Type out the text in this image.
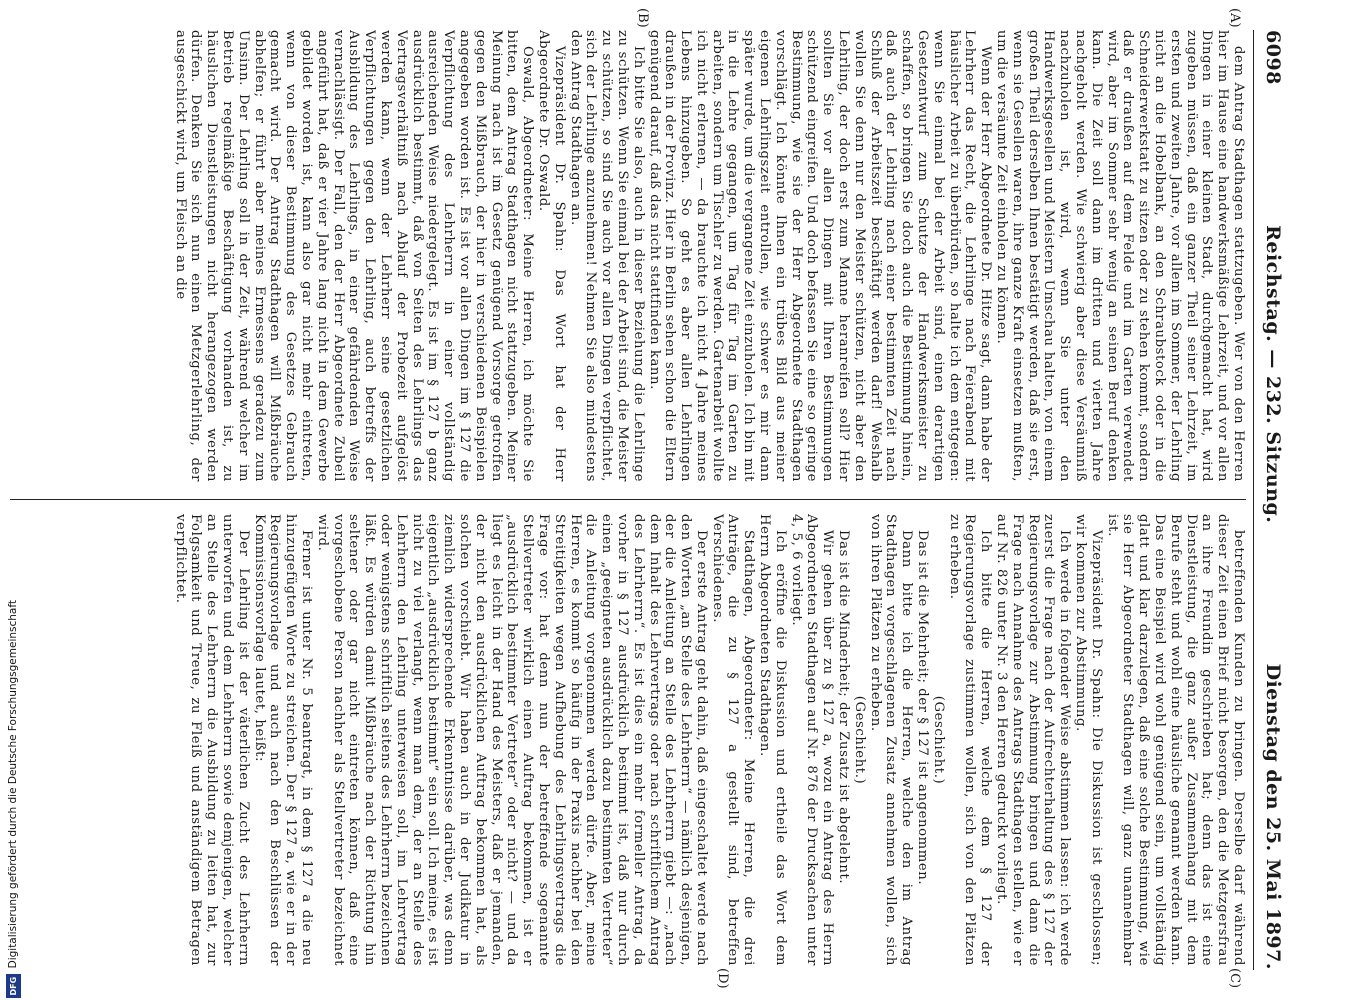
6098
Reichstag. — 232. Sitzung.
Dienstag den 25. Mai 1897.
(A)
(B)
(C)
(D)

dem Antrag Stadthagen stattzugeben. Wer von den Herren hier im Hause eine handwerksmäßige Lehrzeit, und vor allen Dingen in einer kleinen Stadt, durchgemacht hat, wird zugeben müssen, daß ein ganzer Theil seiner Lehrzeit, im ersten und zweiten Jahre, vor allem im Sommer, der Lehrling nicht an die Hobelbank, an den Schraubstock oder in die Schneiderwerkstatt zu sitzen oder zu stehen kommt, sondern daß er draußen auf dem Felde und im Garten verwendet wird, aber im Sommer sehr wenig an seinen Beruf denken kann. Die Zeit soll dann im dritten und vierten Jahre nachgeholt werden. Wie schwierig aber diese Versäumniß nachzuholen ist, wird, wenn Sie unter den Handwerksgesellen und Meistern Umschau halten, von einem großen Theil derselben Ihnen bestätigt werden, daß sie erst, wenn sie Gesellen waren, ihre ganze Kraft einsetzen mußten, um die versäumte Zeit einholen zu können.

Wenn der Herr Abgeordnete Dr. Hitze sagt, dann habe der Lehrherr das Recht, die Lehrlinge nach Feierabend mit häuslicher Arbeit zu überbürden, so halte ich dem entgegen: wenn Sie einmal bei der Arbeit sind, einen derartigen Gesetzentwurf zum Schutze der Handwerksmeister zu schaffen, so bringen Sie doch auch die Bestimmung hinein, daß auch der Lehrling nach einer bestimmten Zeit nach Schluß der Arbeitszeit beschäftigt werden darf! Weshalb wollen Sie denn nur den Meister schützen, nicht aber den Lehrling, der doch erst zum Manne heranreifen soll? Hier sollten Sie vor allen Dingen mit Ihren Bestimmungen schützend eingreifen. Und doch befassen Sie eine so geringe Bestimmung, wie sie der Herr Abgeordnete Stadthagen vorschlägt. Ich könnte Ihnen ein trübes Bild aus meiner eigenen Lehrlingszeit entrollen, wie schwer es mir dann später wurde, um die vergangene Zeit einzuholen. Ich bin mit in die Lehre gegangen, um Tag für Tag im Garten zu arbeiten, sondern um Tischler zu werden. Gartenarbeit wollte ich nicht erlernen, — da brauchte ich nicht 4 Jahre meines Lebens hinzugeben. So geht es aber allen Lehrlingen draußen in der Provinz. Hier in Berlin sehen schon die Eltern genügend darauf, daß das nicht stattfinden kann.

Ich bitte Sie also, auch in dieser Beziehung die Lehrlinge zu schützen. Wenn Sie einmal bei der Arbeit sind, die Meister zu schützen, so sind Sie auch vor allen Dingen verpflichtet, sich der Lehrlinge anzunehmen! Nehmen Sie also mindestens den Antrag Stadthagen an.

Vizepräsident Dr. Spahn: Das Wort hat der Herr Abgeordnete Dr. Oswald.

Oswald, Abgeordneter: Meine Herren, ich möchte Sie bitten, dem Antrag Stadthagen nicht stattzugeben. Meiner Meinung nach ist im Gesetz genügend Vorsorge getroffen gegen den Mißbrauch, der hier in verschiedenen Beispielen angegeben worden ist. Es ist vor allen Dingen im § 127 die Verpflichtung des Lehrherrn in einer vollständig ausreichenden Weise niedergelegt. Es ist im § 127 b ganz ausdrücklich bestimmt, daß von Seiten des Lehrlings das Vertragsverhältniß nach Ablauf der Probezeit aufgelöst werden kann, wenn der Lehrherr seine gesetzlichen Verpflichtungen gegen den Lehrling, auch betreffs der Ausbildung des Lehrlings, in einer gefährdenden Weise vernachlässigt. Der Fall, den der Herr Abgeordnete Zubeil angeführt hat, daß er vier Jahre lang nicht in dem Gewerbe gebildet worden ist, kann also gar nicht mehr eintreten, wenn von dieser Bestimmung des Gesetzes Gebrauch gemacht wird. Der Antrag Stadthagen will Mißbräuche abhelfen; er führt aber meines Ermessens geradezu zum Unsinn. Der Lehrling soll in der Zeit, während welcher im Betrieb regelmäßige Beschäftigung vorhanden ist, zu häuslichen Dienstleistungen nicht herangezogen werden dürfen. Denken Sie sich nun einen Metzgerlehrling, der ausgeschickt wird, um Fleisch an die

betreffenden Kunden zu bringen. Derselbe darf während dieser Zeit einen Brief nicht besorgen, den die Metzgersfrau an ihre Freundin geschrieben hat; denn das ist eine Dienstleistung, die ganz außer Zusammenhang mit dem Berufe steht und wohl eine häusliche genannt werden kann. Das eine Beispiel wird wohl genügend sein, um vollständig glatt und klar darzulegen, daß eine solche Bestimmung, wie sie Herr Abgeordneter Stadthagen will, ganz unannehmbar ist.

Vizepräsident Dr. Spahn: Die Diskussion ist geschlossen; wir kommen zur Abstimmung.

Ich werde in folgender Weise abstimmen lassen: ich werde zuerst die Frage nach der Aufrechterhaltung des § 127 der Regierungsvorlage zur Abstimmung bringen und dann die Frage nach Annahme des Antrags Stadthagen stellen, wie er auf Nr. 826 unter Nr. 3 den Herren gedruckt vorliegt.

Ich bitte die Herren, welche dem § 127 der Regierungsvorlage zustimmen wollen, sich von den Plätzen zu erheben.

(Geschieht.)

Das ist die Mehrheit; der § 127 ist angenommen.

Dann bitte ich die Herren, welche den im Antrag Stadthagen vorgeschlagenen Zusatz annehmen wollen, sich von ihren Plätzen zu erheben.

(Geschieht.)

Das ist die Minderheit; der Zusatz ist abgelehnt.

Wir gehen über zu § 127 a, wozu ein Antrag des Herrn Abgeordneten Stadthagen auf Nr. 876 der Drucksachen unter 4, 5, 6 vorliegt.

Ich eröffne die Diskussion und ertheile das Wort dem Herrn Abgeordneten Stadthagen.

Stadthagen, Abgeordneter: Meine Herren, die drei Anträge, die zu § 127 a gestellt sind, betreffen Verschiedenes.

Der erste Antrag geht dahin, daß eingeschaltet werde nach den Worten „an Stelle des Lehrherrn“ — nämlich desjenigen, der die Anleitung an Stelle des Lehrherrn giebt —: „nach dem Inhalt des Lehrvertrags oder nach schriftlichem Antrag des Lehrherrn“. Es ist dies ein mehr formeller Antrag, da vorher in § 127 ausdrücklich bestimmt ist, daß nur durch einen „geeigneten ausdrücklich dazu bestimmten Vertreter“ die Anleitung vorgenommen werden dürfe. Aber, meine Herren, es kommt so häufig in der Praxis nachher bei den Streitigkeiten wegen Aufhebung des Lehrlingsvertrags die Frage vor: hat denn nun der betreffende sogenannte Stellvertreter wirklich einen Auftrag bekommen, ist er „ausdrücklich bestimmter Vertreter“ oder nicht? — und da liegt es leicht in der Hand des Meisters, daß er jemanden, der nicht den ausdrücklichen Auftrag bekommen hat, als solchen vorschiebt. Wir haben auch in der Judikatur in ziemlich widersprechende Erkenntnisse darüber, was denn eigentlich „ausdrücklich bestimmt“ sein soll. Ich meine, es ist nicht zu viel verlangt, wenn man dem, der an Stelle des Lehrherrn den Lehrling unterweisen soll, im Lehrvertrag oder wenigstens schriftlich seitens des Lehrherrn bezeichnen läßt. Es würden damit Mißbräuche nach der Richtung hin seltener oder gar nicht eintreten können, daß eine vorgeschobene Person nachher als Stellvertreter bezeichnet wird.

Ferner ist unter Nr. 5 beantragt, in dem § 127 a die neu hinzugefügten Worte zu streichen. Der § 127 a, wie er in der Regierungsvorlage und auch nach den Beschlüssen der Kommissionsvorlage lautet, heißt:

Der Lehrling ist der väterlichen Zucht des Lehrherrn unterworfen und dem Lehrherrn sowie demjenigen, welcher an Stelle des Lehrherrn die Ausbildung zu leiten hat, zur Folgsamkeit und Treue, zu Fleiß und anständigem Betragen verpflichtet.

DFG
Digitalisierung gefördert durch die Deutsche Forschungsgemeinschaft
